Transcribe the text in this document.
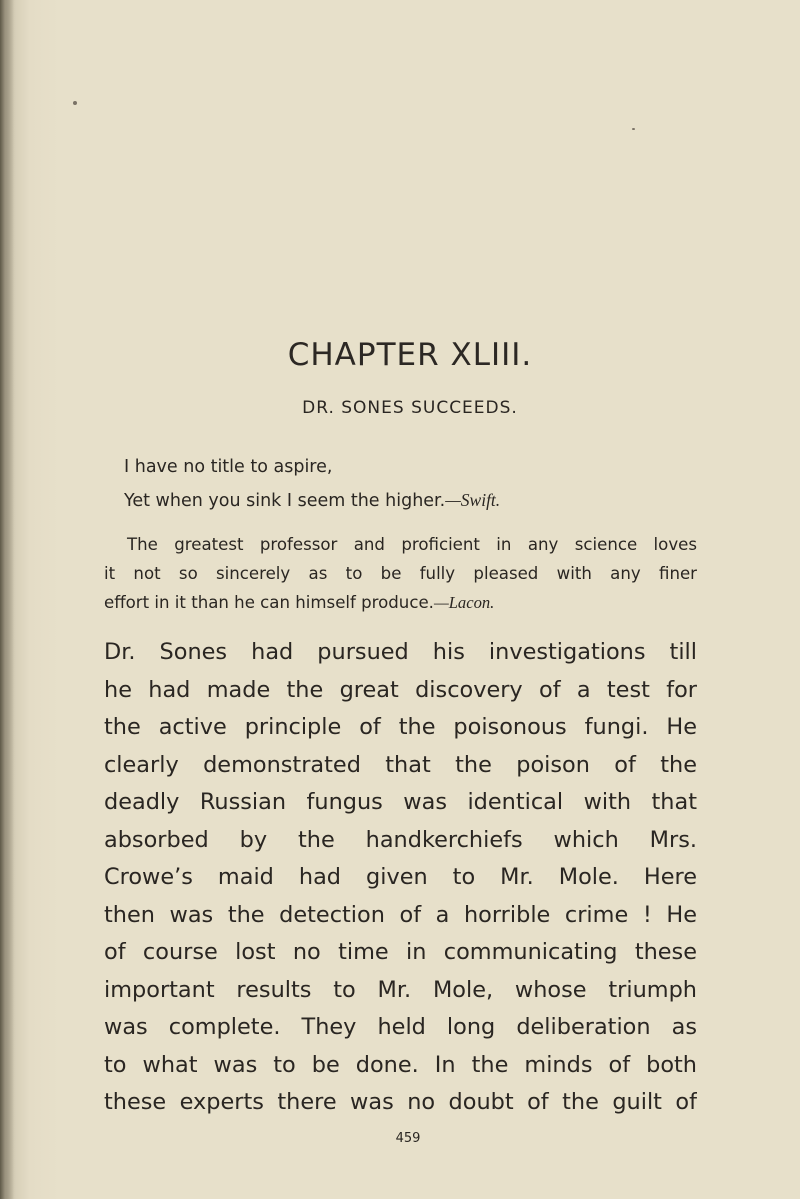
CHAPTER XLIII.
DR. SONES SUCCEEDS.
I have no title to aspire,
Yet when you sink I seem the higher.—Swift.
The greatest professor and proficient in any science loves
it not so sincerely as to be fully pleased with any finer
effort in it than he can himself produce.—Lacon.
Dr. Sones had pursued his investigations till
he had made the great discovery of a test for
the active principle of the poisonous fungi. He
clearly demonstrated that the poison of the
deadly Russian fungus was identical with that
absorbed by the handkerchiefs which Mrs.
Crowe’s maid had given to Mr. Mole. Here
then was the detection of a horrible crime ! He
of course lost no time in communicating these
important results to Mr. Mole, whose triumph
was complete. They held long deliberation as
to what was to be done. In the minds of both
these experts there was no doubt of the guilt of
459
